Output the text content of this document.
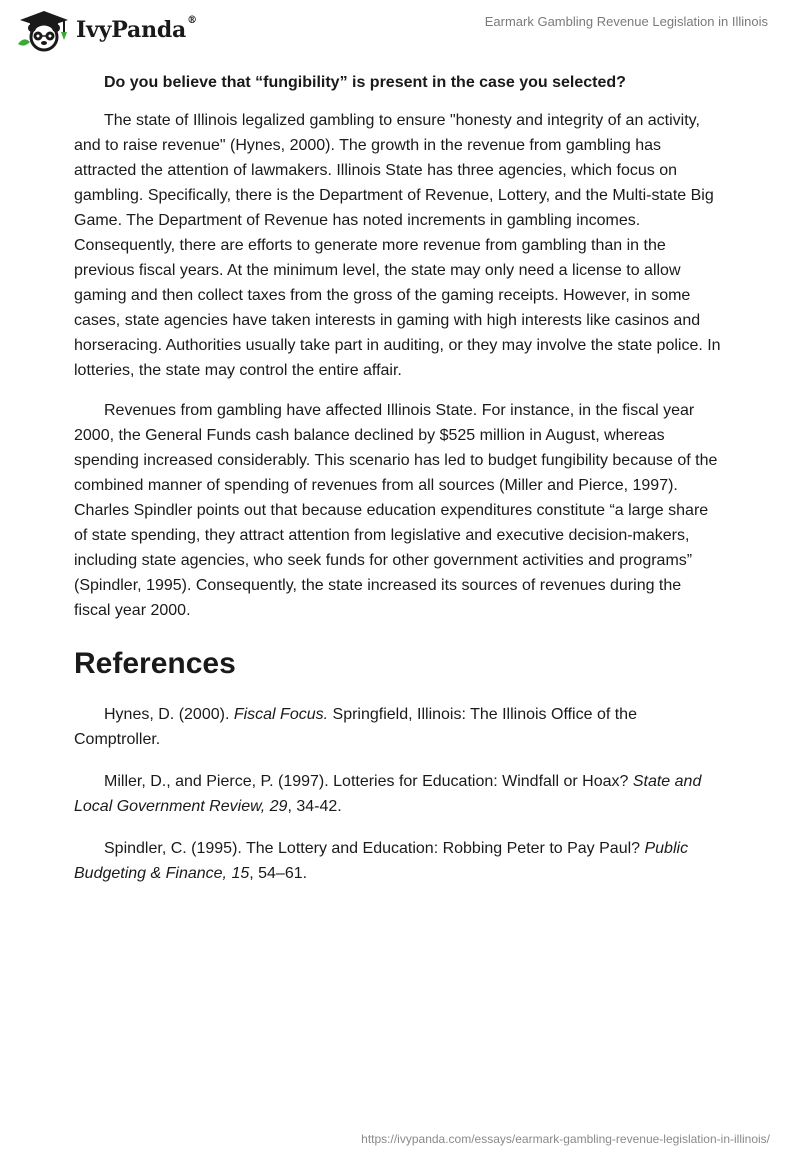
IvyPanda®	Earmark Gambling Revenue Legislation in Illinois

Do you believe that “fungibility” is present in the case you selected?

The state of Illinois legalized gambling to ensure "honesty and integrity of an activity, and to raise revenue" (Hynes, 2000). The growth in the revenue from gambling has attracted the attention of lawmakers. Illinois State has three agencies, which focus on gambling. Specifically, there is the Department of Revenue, Lottery, and the Multi-state Big Game. The Department of Revenue has noted increments in gambling incomes. Consequently, there are efforts to generate more revenue from gambling than in the previous fiscal years. At the minimum level, the state may only need a license to allow gaming and then collect taxes from the gross of the gaming receipts. However, in some cases, state agencies have taken interests in gaming with high interests like casinos and horseracing. Authorities usually take part in auditing, or they may involve the state police. In lotteries, the state may control the entire affair.

Revenues from gambling have affected Illinois State. For instance, in the fiscal year 2000, the General Funds cash balance declined by $525 million in August, whereas spending increased considerably. This scenario has led to budget fungibility because of the combined manner of spending of revenues from all sources (Miller and Pierce, 1997). Charles Spindler points out that because education expenditures constitute “a large share of state spending, they attract attention from legislative and executive decision-makers, including state agencies, who seek funds for other government activities and programs” (Spindler, 1995). Consequently, the state increased its sources of revenues during the fiscal year 2000.

References

Hynes, D. (2000). Fiscal Focus. Springfield, Illinois: The Illinois Office of the Comptroller.

Miller, D., and Pierce, P. (1997). Lotteries for Education: Windfall or Hoax? State and Local Government Review, 29, 34-42.

Spindler, C. (1995). The Lottery and Education: Robbing Peter to Pay Paul? Public Budgeting & Finance, 15, 54–61.

https://ivypanda.com/essays/earmark-gambling-revenue-legislation-in-illinois/
